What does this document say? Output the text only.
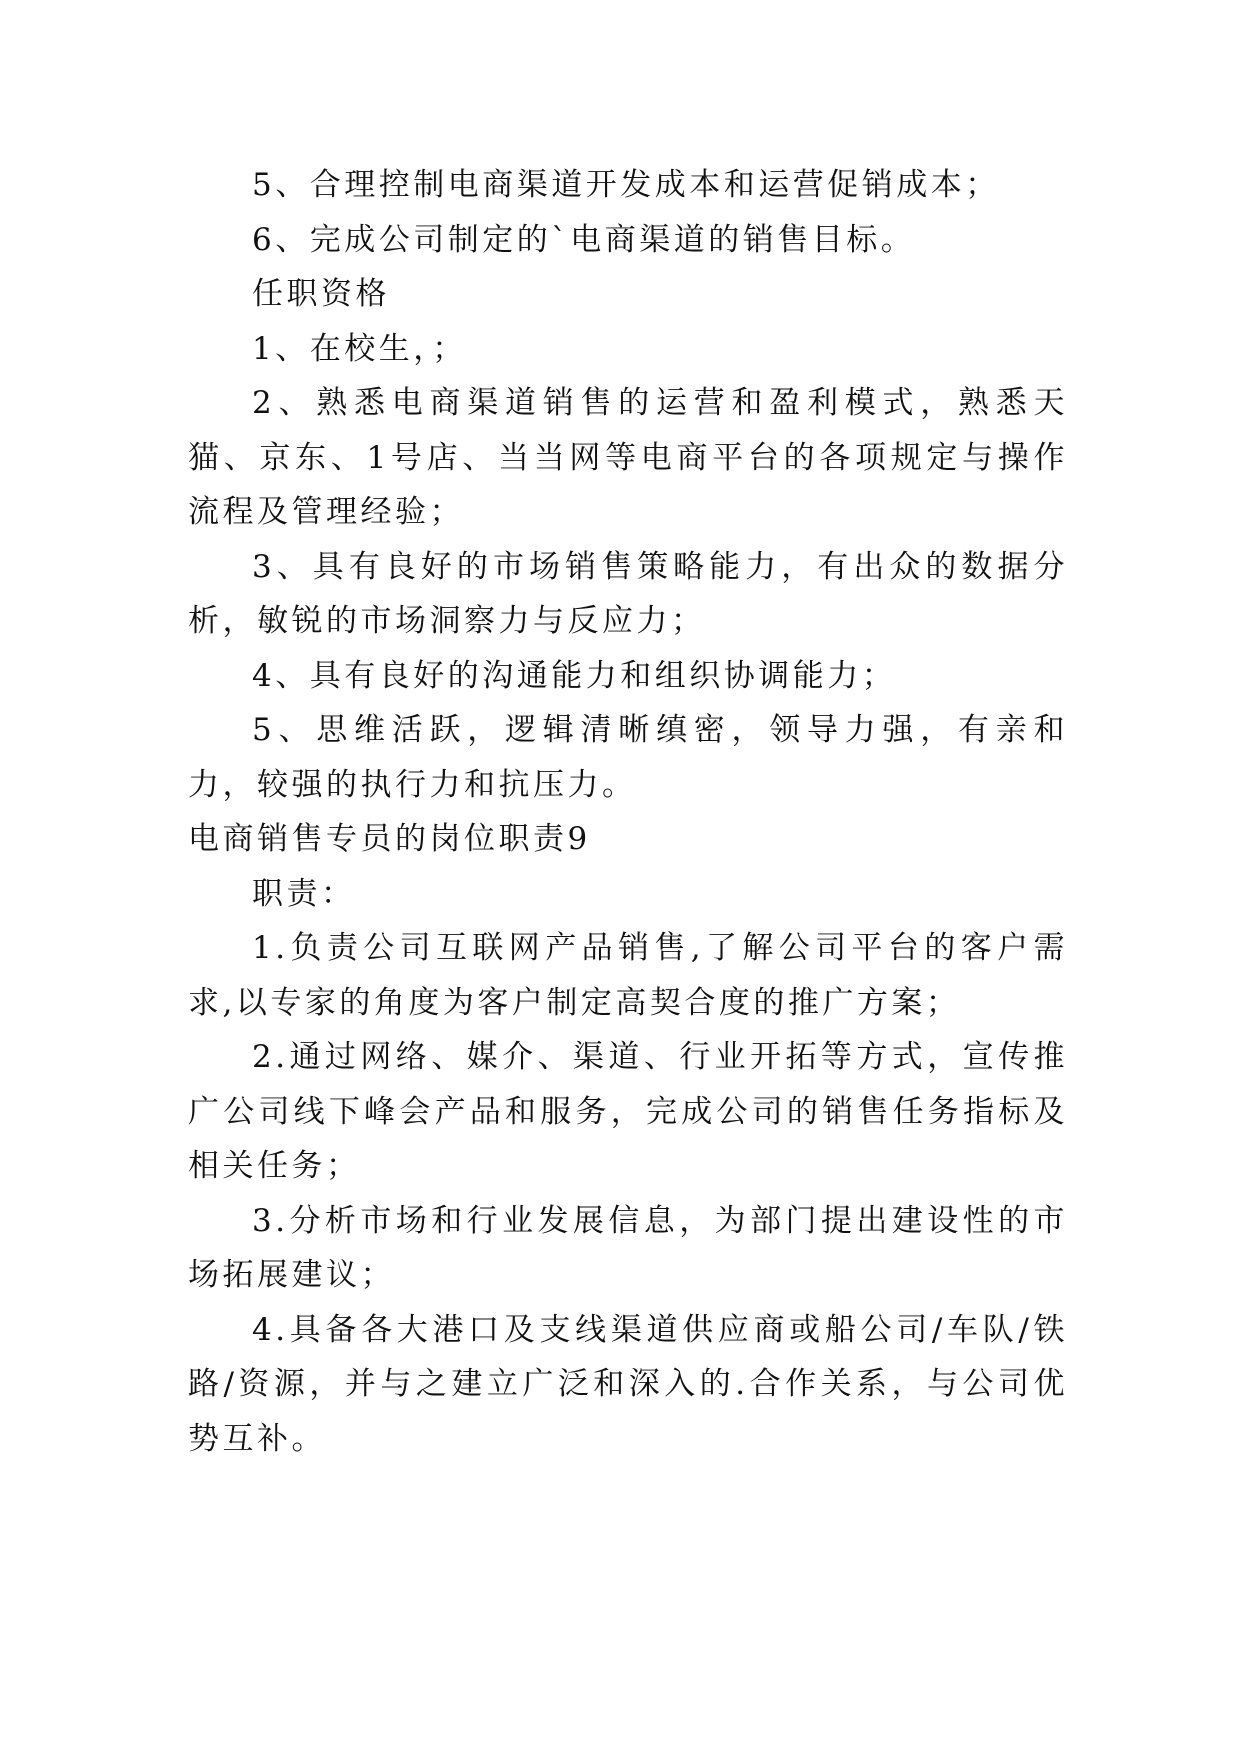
5、合理控制电商渠道开发成本和运营促销成本；

6、完成公司制定的`电商渠道的销售目标。

任职资格

1、在校生，；

2、熟悉电商渠道销售的运营和盈利模式，熟悉天猫、京东、1号店、当当网等电商平台的各项规定与操作流程及管理经验；

3、具有良好的市场销售策略能力，有出众的数据分析，敏锐的市场洞察力与反应力；

4、具有良好的沟通能力和组织协调能力；

5、思维活跃，逻辑清晰缜密，领导力强，有亲和力，较强的执行力和抗压力。

电商销售专员的岗位职责9

职责：

1.负责公司互联网产品销售,了解公司平台的客户需求,以专家的角度为客户制定高契合度的推广方案；

2.通过网络、媒介、渠道、行业开拓等方式，宣传推广公司线下峰会产品和服务，完成公司的销售任务指标及相关任务；

3.分析市场和行业发展信息，为部门提出建设性的市场拓展建议；

4.具备各大港口及支线渠道供应商或船公司/车队/铁路/资源，并与之建立广泛和深入的.合作关系，与公司优势互补。
